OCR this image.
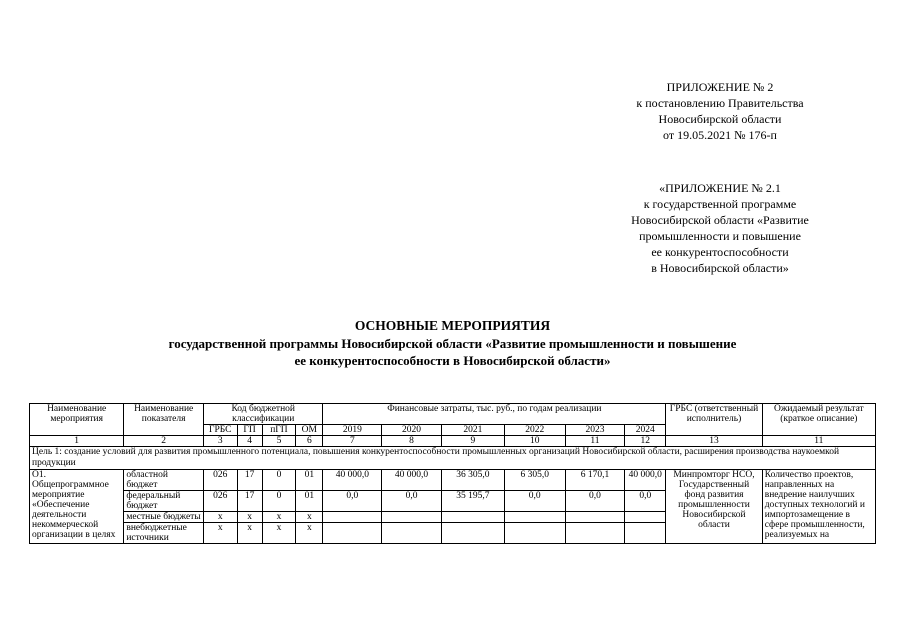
ПРИЛОЖЕНИЕ № 2
к постановлению Правительства
Новосибирской области
от 19.05.2021 № 176-п
«ПРИЛОЖЕНИЕ № 2.1
к государственной программе
Новосибирской области «Развитие
промышленности и повышение
ее конкурентоспособности
в Новосибирской области»
ОСНОВНЫЕ МЕРОПРИЯТИЯ
государственной программы Новосибирской области «Развитие промышленности и повышение
ее конкурентоспособности в Новосибирской области»
Наименование мероприятия	Наименование показателя	Код бюджетной классификации				Финансовые затраты, тыс. руб., по годам реализации						ГРБС (ответственный исполнитель)	Ожидаемый результат (краткое описание)
		ГРБС	ГП	пГП	ОМ	2019	2020	2021	2022	2023	2024		
1	2	3	4	5	6	7	8	9	10	11	12	13	11
Цель 1: создание условий для развития промышленного потенциала, повышения конкурентоспособности промышленных организаций Новосибирской области, расширения производства наукоемкой продукции													
О1. Общепрограммное мероприятие «Обеспечение деятельности некоммерческой организации в целях	областной бюджет	026	17	0	01	40 000,0	40 000,0	36 305,0	6 305,0	6 170,1	40 000,0	Минпромторг НСО, Государственный фонд развития промышленности Новосибирской области	Количество проектов, направленных на внедрение наилучших доступных технологий и импортозамещение в сфере промышленности, реализуемых на
	федеральный бюджет	026	17	0	01	0,0	0,0	35 195,7	0,0	0,0	0,0		
	местные бюджеты	x	x	x	x								
	внебюджетные источники	x	x	x	x								
